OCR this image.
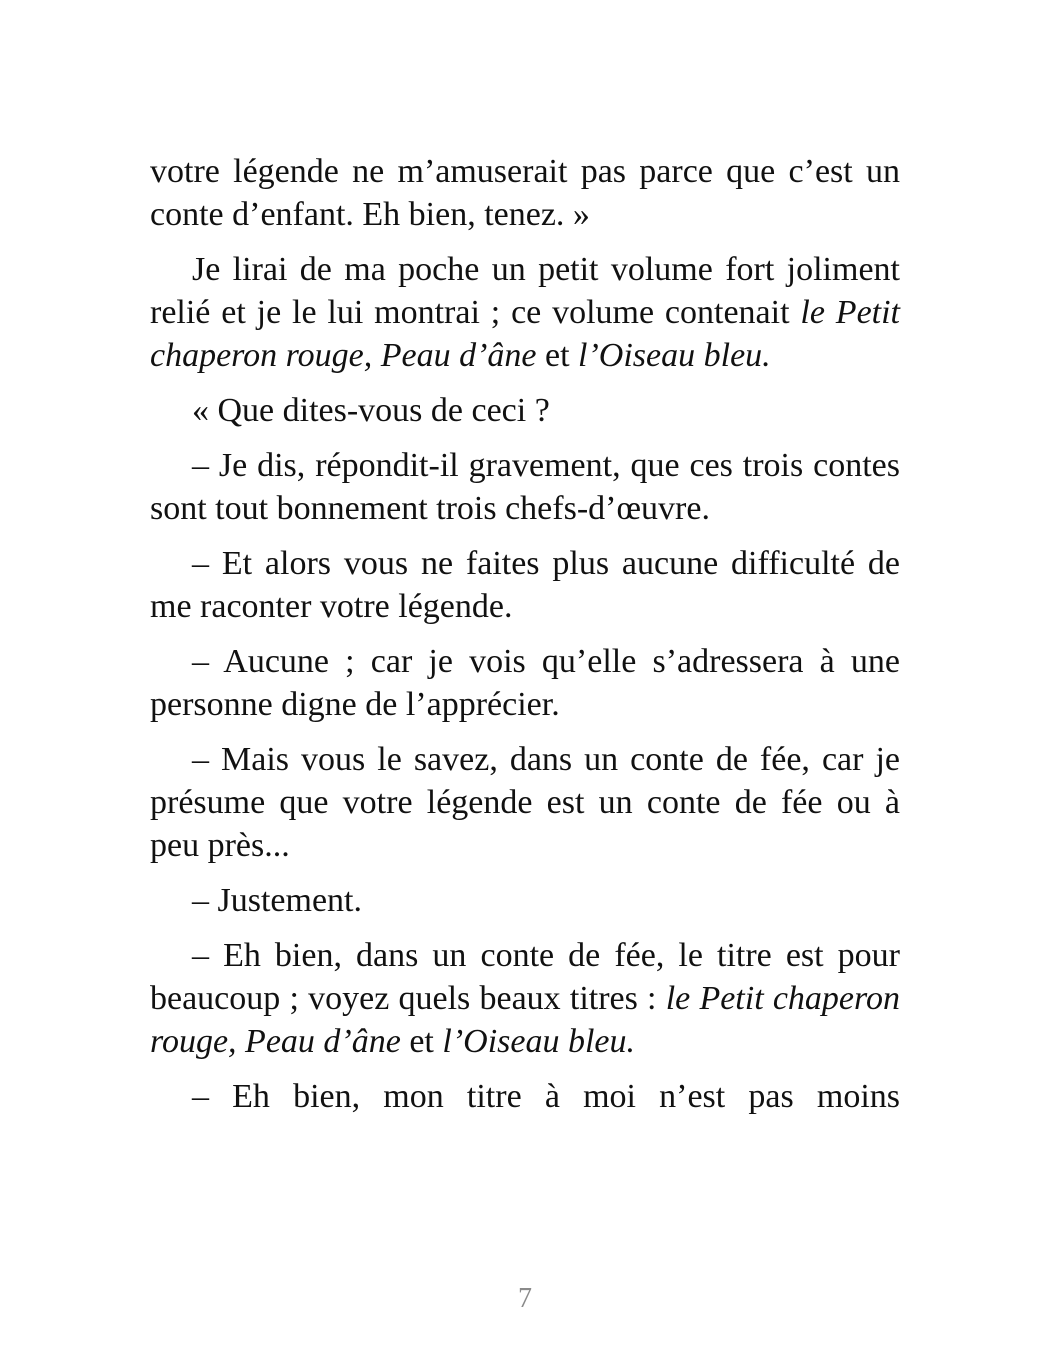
votre légende ne m’amuserait pas parce que c’est un conte d’enfant. Eh bien, tenez. »

Je lirai de ma poche un petit volume fort joliment relié et je le lui montrai ; ce volume contenait le Petit chaperon rouge, Peau d’âne et l’Oiseau bleu.

« Que dites-vous de ceci ?

– Je dis, répondit-il gravement, que ces trois contes sont tout bonnement trois chefs-d’œuvre.

– Et alors vous ne faites plus aucune difficulté de me raconter votre légende.

– Aucune ; car je vois qu’elle s’adressera à une personne digne de l’apprécier.

– Mais vous le savez, dans un conte de fée, car je présume que votre légende est un conte de fée ou à peu près...

– Justement.

– Eh bien, dans un conte de fée, le titre est pour beaucoup ; voyez quels beaux titres : le Petit chaperon rouge, Peau d’âne et l’Oiseau bleu.

– Eh bien, mon titre à moi n’est pas moins

7
